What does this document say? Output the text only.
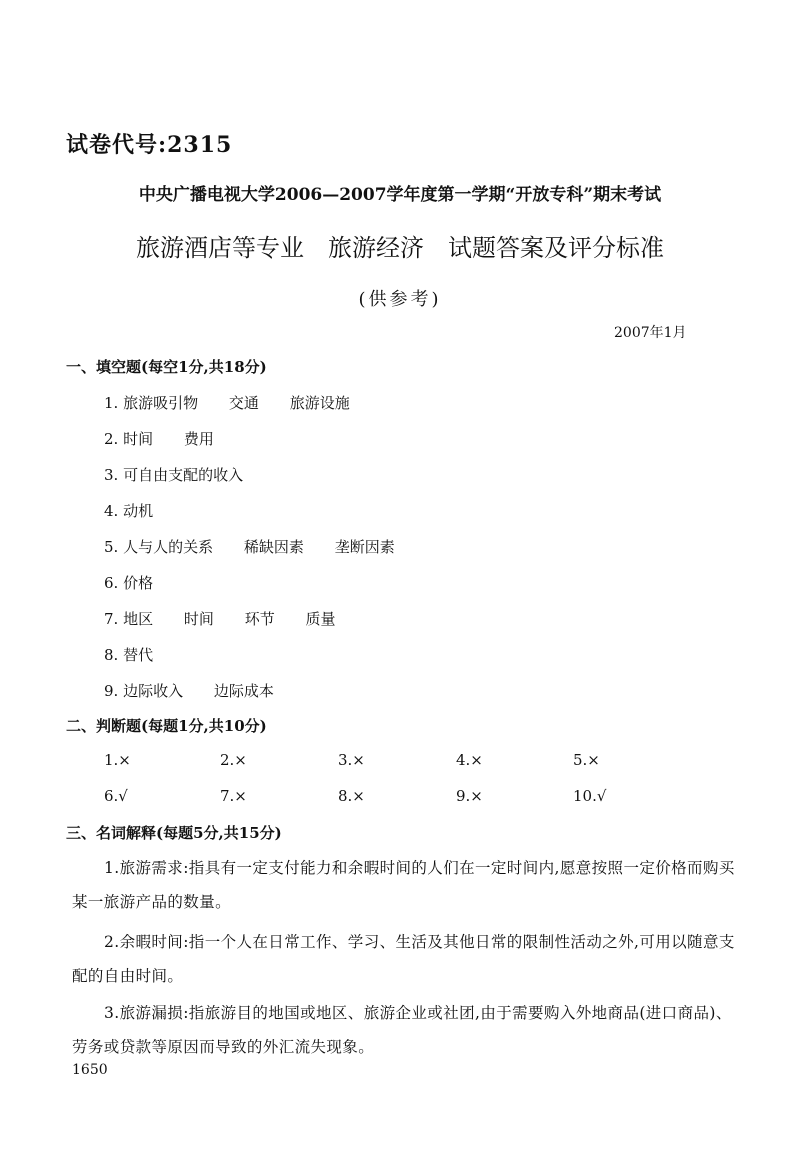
试卷代号:2315
中央广播电视大学2006—2007学年度第一学期“开放专科”期末考试
旅游酒店等专业　旅游经济　试题答案及评分标准
(供参考)
2007年1月
一、填空题(每空1分,共18分)
1. 旅游吸引物 交通 旅游设施
2. 时间 费用
3. 可自由支配的收入
4. 动机
5. 人与人的关系 稀缺因素 垄断因素
6. 价格
7. 地区 时间 环节 质量
8. 替代
9. 边际收入 边际成本
二、判断题(每题1分,共10分)
1.×	2.×	3.×	4.×	5.×
6.√	7.×	8.×	9.×	10.√
三、名词解释(每题5分,共15分)
1.旅游需求:指具有一定支付能力和余暇时间的人们在一定时间内,愿意按照一定价格而购买某一旅游产品的数量。
2.余暇时间:指一个人在日常工作、学习、生活及其他日常的限制性活动之外,可用以随意支配的自由时间。
3.旅游漏损:指旅游目的地国或地区、旅游企业或社团,由于需要购入外地商品(进口商品)、劳务或贷款等原因而导致的外汇流失现象。
1650
